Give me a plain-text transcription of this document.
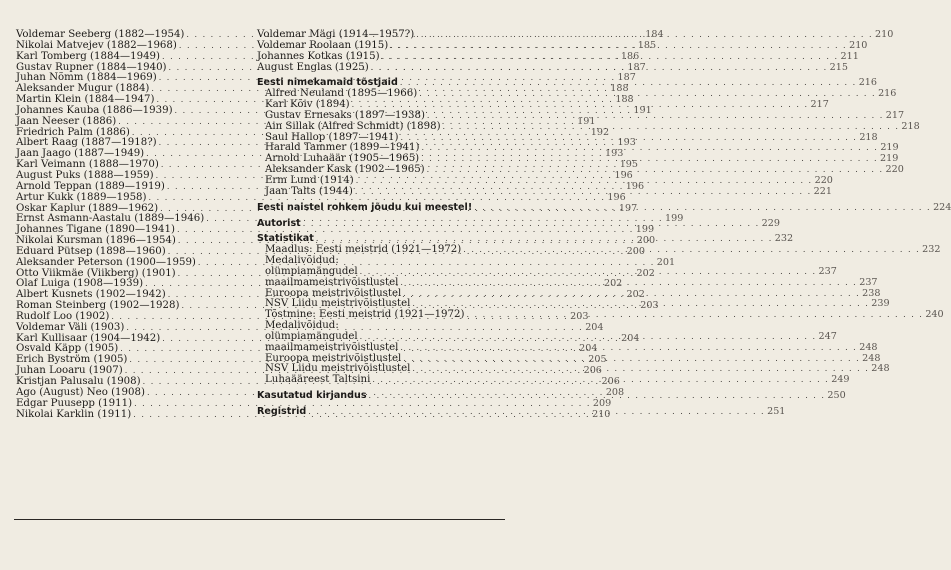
Voldemar Seeberg (1882—1954) . . .	184
Nikolai Matvejev (1882—1968) . . .	185
Karl Tomberg (1884—1949) . . .	186
Gustav Rupner (1884—1940) . . .	187
Juhan Nõmm (1884—1969) . . .	187
Aleksander Mugur (1884) . . .	188
Martin Klein (1884—1947) . . .	188
Johannes Kauba (1886—1939) . . .	191
Jaan Neeser (1886) . . .	191
Friedrich Palm (1886) . . .	192
Albert Raag (1887—1918?) . . .	193
Jaan Jaago (1887—1949) . . .	193
Karl Veimann (1888—1970) . . .	195
August Puks (1888—1959) . . .	196
Arnold Teppan (1889—1919) . . .	196
Artur Kukk (1889—1958) . . .	196
Oskar Kaplur (1889—1962) . . .	197
Ernst Asmann-Aastalu (1889—1946) . . .	199
Johannes Tigane (1890—1941) . . .	199
Nikolai Kursman (1896—1954) . . .	200
Eduard Pütsep (1898—1960) . . .	200
Aleksander Peterson (1900—1959) . . .	201
Otto Viikmäe (Viikberg) (1901) . . .	202
Olaf Luiga (1908—1939) . . .	202
Albert Kusnets (1902—1942) . . .	202
Roman Steinberg (1902—1928) . . .	203
Rudolf Loo (1902) . . .	203
Voldemar Väli (1903) . . .	204
Karl Kullisaar (1904—1942) . . .	204
Osvald Käpp (1905) . . .	204
Erich Byström (1905) . . .	205
Juhan Looaru (1907) . . .	206
Kristjan Palusalu (1908) . . .	206
Ago (August) Neo (1908) . . .	208
Edgar Puusepp (1911) . . .	209
Nikolai Karklin (1911) . . .	210
Voldemar Mägi (1914—1957?) . . .	210
Voldemar Roolaan (1915) . . .	210
Johannes Kotkas (1915) . . .	211
August Englas (1925) . . .	215
Eesti nimekamaid tõstjaid . . .	216
Alfred Neuland (1895—1966) . . .	216
Karl Kõiv (1894) . . .	217
Gustav Ernesaks (1897—1938) . . .	217
Ain Sillak (Alfred Schmidt) (1898) . . .	218
Saul Hallop (1897—1941) . . .	218
Harald Tammer (1899—1941) . . .	219
Arnold Luhaäär (1905—1965) . . .	219
Aleksander Kask (1902—1965) . . .	220
Erm Lund (1914) . . .	220
Jaan Talts (1944) . . .	221
Eesti naistel rohkem jõudu kui meestel! . . .	224
Autorist . . .	229
Statistikat . . .	232
Maadlus: Eesti meistrid (1921—1972) . . .	232
Medalivõidud:
olümpiamängudel . . .	237
maailmameistrivõistlustel . . .	237
Euroopa meistrivõistlustel . . .	238
NSV Liidu meistrivõistlustel . . .	239
Tõstmine: Eesti meistrid (1921—1972) . . .	240
Medalivõidud:
olümpiamängudel . . .	247
maailmameistrivõistlustel . . .	248
Euroopa meistrivõistlustel . . .	248
NSV Liidu meistrivõistlustel . . .	248
Luhaääreest Taltsini . . .	249
Kasutatud kirjandus . . .	250
Registrid . . .	251
